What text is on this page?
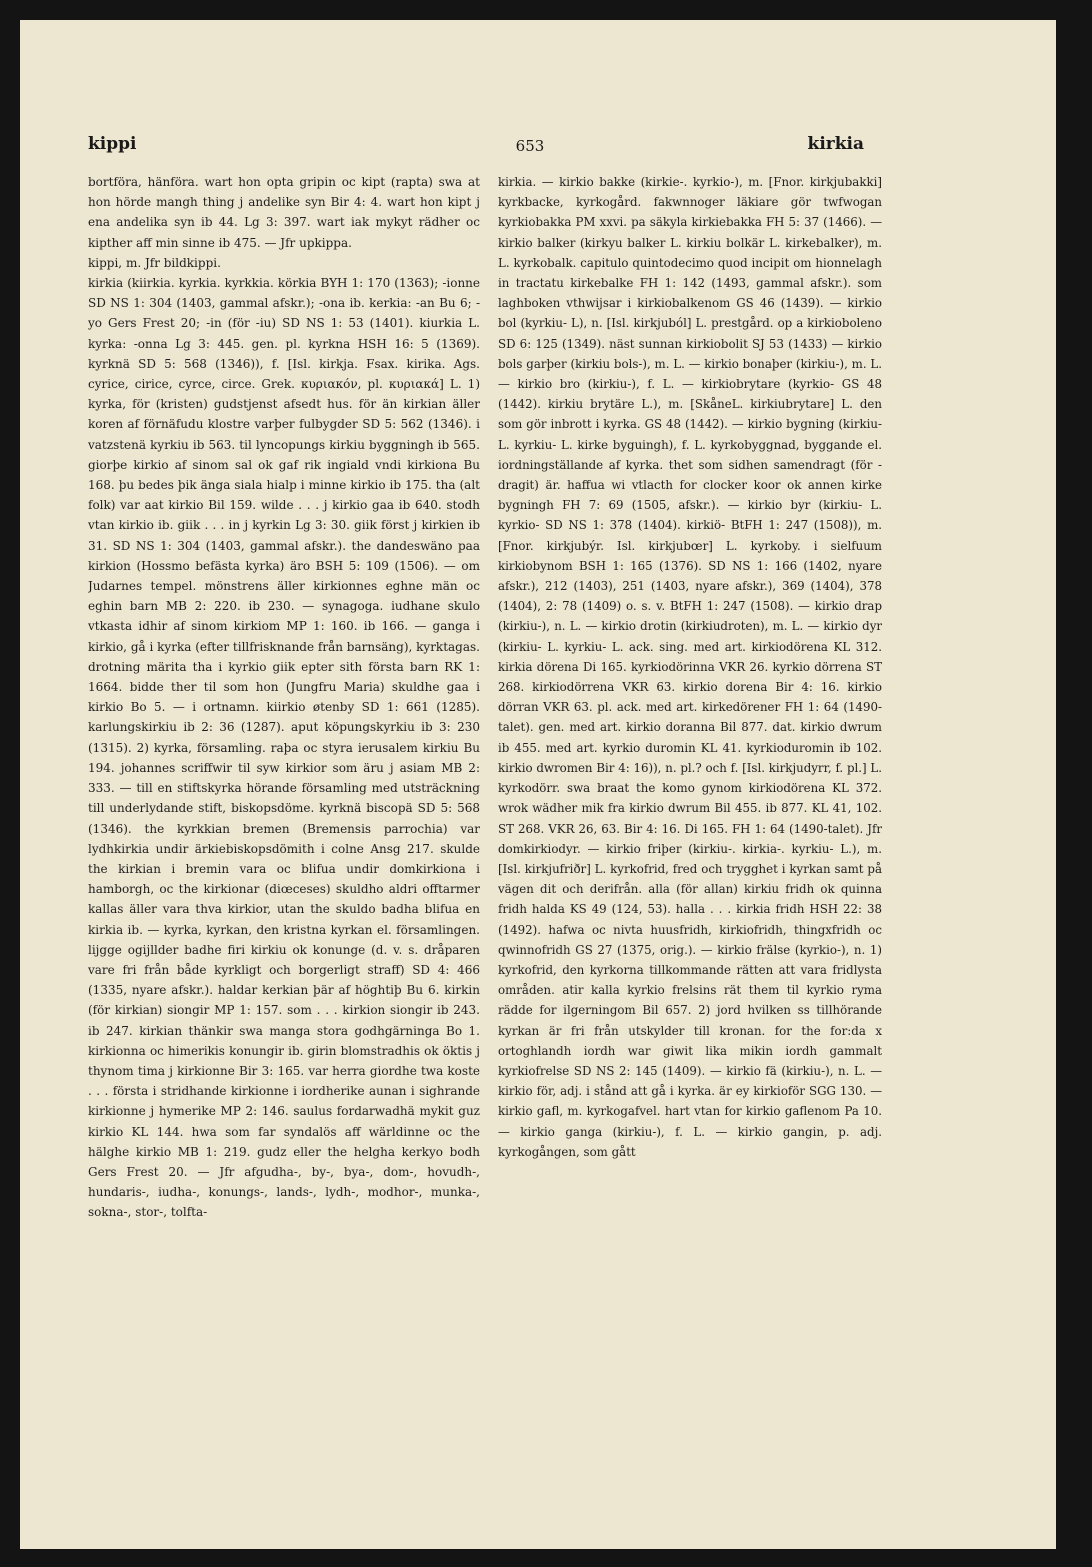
kippi	653	kirkia

bortföra, hänföra. wart hon opta gripin oc kipt (rapta) swa at hon hörde mangh thing j andelike syn Bir 4: 4. wart hon kipt j ena andelika syn ib 44. Lg 3: 397. wart iak mykyt rädher oc kipther aff min sinne ib 475. — Jfr upkippa.

kippi, m. Jfr bildkippi.

kirkia (kiirkia. kyrkia. kyrkkia. körkia BYH 1: 170 (1363); -ionne SD NS 1: 304 (1403, gammal afskr.); -ona ib. kerkia: -an Bu 6; -yo Gers Frest 20; -in (för -iu) SD NS 1: 53 (1401). kiurkia L. kyrka: -onna Lg 3: 445. gen. pl. kyrkna HSH 16: 5 (1369). kyrknä SD 5: 568 (1346)), f. [Isl. kirkja. Fsax. kirika. Ags. cyrice, cirice, cyrce, circe. Grek. κυριακόν, pl. κυριακά] L. 1) kyrka, för (kristen) gudstjenst afsedt hus. för än kirkian äller koren af förnäfudu klostre varþer fulbygder SD 5: 562 (1346). i vatzstenä kyrkiu ib 563. til lyncopungs kirkiu byggningh ib 565. giorþe kirkio af sinom sal ok gaf rik ingiald vndi kirkiona Bu 168. þu bedes þik änga siala hialp i minne kirkio ib 175. tha (alt folk) var aat kirkio Bil 159. wilde . . . j kirkio gaa ib 640. stodh vtan kirkio ib. giik . . . in j kyrkin Lg 3: 30. giik först j kirkien ib 31. SD NS 1: 304 (1403, gammal afskr.). the dandeswäno paa kirkion (Hossmo befästa kyrka) äro BSH 5: 109 (1506). — om Judarnes tempel. mönstrens äller kirkionnes eghne män oc eghin barn MB 2: 220. ib 230. — synagoga. iudhane skulo vtkasta idhir af sinom kirkiom MP 1: 160. ib 166. — ganga i kirkio, gå i kyrka (efter tillfrisknande från barnsäng), kyrktagas. drotning märita tha i kyrkio giik epter sith första barn RK 1: 1664. bidde ther til som hon (Jungfru Maria) skuldhe gaa i kirkio Bo 5. — i ortnamn. kiirkio øtenby SD 1: 661 (1285). karlungskirkiu ib 2: 36 (1287). aput köpungskyrkiu ib 3: 230 (1315). 2) kyrka, församling. raþa oc styra ierusalem kirkiu Bu 194. johannes scriffwir til syw kirkior som äru j asiam MB 2: 333. — till en stiftskyrka hörande församling med utsträckning till underlydande stift, biskopsdöme. kyrknä biscopä SD 5: 568 (1346). the kyrkkian bremen (Bremensis parrochia) var lydhkirkia undir ärkiebiskopsdömith i colne Ansg 217. skulde the kirkian i bremin vara oc blifua undir domkirkiona i hamborgh, oc the kirkionar (diœceses) skuldho aldri offtarmer kallas äller vara thva kirkior, utan the skuldo badha blifua en kirkia ib. — kyrka, kyrkan, den kristna kyrkan el. församlingen. lijgge ogijllder badhe firi kirkiu ok konunge (d. v. s. dråparen vare fri från både kyrkligt och borgerligt straff) SD 4: 466 (1335, nyare afskr.). haldar kerkian þär af höghtiþ Bu 6. kirkin (för kirkian) siongir MP 1: 157. som . . . kirkion siongir ib 243. ib 247. kirkian thänkir swa manga stora godhgärninga Bo 1. kirkionna oc himerikis konungir ib. girin blomstradhis ok öktis j thynom tima j kirkionne Bir 3: 165. var herra giordhe twa koste . . . första i stridhande kirkionne i iordherike aunan i sighrande kirkionne j hymerike MP 2: 146. saulus fordarwadhä mykit guz kirkio KL 144. hwa som far syndalös aff wärldinne oc the hälghe kirkio MB 1: 219. gudz eller the helgha kerkyo bodh Gers Frest 20. — Jfr afgudha-, by-, bya-, dom-, hovudh-, hundaris-, iudha-, konungs-, lands-, lydh-, modhor-, munka-, sokna-, stor-, tolfta-

kirkia. — kirkio bakke (kirkie-. kyrkio-), m. [Fnor. kirkjubakki] kyrkbacke, kyrkogård. fakwnnoger läkiare gör twfwogan kyrkiobakka PM xxvi. pa säkyla kirkiebakka FH 5: 37 (1466). — kirkio balker (kirkyu balker L. kirkiu bolkär L. kirkebalker), m. L. kyrkobalk. capitulo quintodecimo quod incipit om hionnelagh in tractatu kirkebalke FH 1: 142 (1493, gammal afskr.). som laghboken vthwijsar i kirkiobalkenom GS 46 (1439). — kirkio bol (kyrkiu- L), n. [Isl. kirkjuból] L. prestgård. op a kirkiobolenо SD 6: 125 (1349). näst sunnan kirkiobolit SJ 53 (1433) — kirkio bols garþer (kirkiu bols-), m. L. — kirkio bonaþer (kirkiu-), m. L. — kirkio bro (kirkiu-), f. L. — kirkiobrytare (kyrkio- GS 48 (1442). kirkiu brytäre L.), m. [SkåneL. kirkiubrytare] L. den som gör inbrott i kyrka. GS 48 (1442). — kirkio bygning (kirkiu- L. kyrkiu- L. kirke byguingh), f. L. kyrkobyggnad, byggande el. iordningställande af kyrka. thet som sidhen samendragt (för -dragit) är. haffua wi vtlacth for clocker koor ok annen kirke bygningh FH 7: 69 (1505, afskr.). — kirkio byr (kirkiu- L. kyrkio- SD NS 1: 378 (1404). kirkiö- BtFH 1: 247 (1508)), m. [Fnor. kirkjubýr. Isl. kirkjubœr] L. kyrkoby. i sielfuum kirkiobynom BSH 1: 165 (1376). SD NS 1: 166 (1402, nyare afskr.), 212 (1403), 251 (1403, nyare afskr.), 369 (1404), 378 (1404), 2: 78 (1409) o. s. v. BtFH 1: 247 (1508). — kirkio drap (kirkiu-), n. L. — kirkio drotin (kirkiudroten), m. L. — kirkio dyr (kirkiu- L. kyrkiu- L. ack. sing. med art. kirkiodörena KL 312. kirkia dörena Di 165. kyrkiodörinna VKR 26. kyrkio dörrena ST 268. kirkiodörrena VKR 63. kirkio dorena Bir 4: 16. kirkio dörran VKR 63. pl. ack. med art. kirkedörener FH 1: 64 (1490-talet). gen. med art. kirkio doranna Bil 877. dat. kirkio dwrum ib 455. med art. kyrkio duromin KL 41. kyrkioduromin ib 102. kirkio dwromen Bir 4: 16)), n. pl.? och f. [Isl. kirkjudyrr, f. pl.] L. kyrkodörr. swa braat the komo gynom kirkiodörena KL 372. wrok wädher mik fra kirkio dwrum Bil 455. ib 877. KL 41, 102. ST 268. VKR 26, 63. Bir 4: 16. Di 165. FH 1: 64 (1490-talet). Jfr domkirkiodyr. — kirkio friþer (kirkiu-. kirkia-. kyrkiu- L.), m. [Isl. kirkjufriðr] L. kyrkofrid, fred och trygghet i kyrkan samt på vägen dit och derifrån. alla (för allan) kirkiu fridh ok quinna fridh halda KS 49 (124, 53). halla . . . kirkia fridh HSH 22: 38 (1492). hafwa oc nivta huusfridh, kirkiofridh, thingxfridh oc qwinnofridh GS 27 (1375, orig.). — kirkio frälse (kyrkio-), n. 1) kyrkofrid, den kyrkorna tillkommande rätten att vara fridlysta områden. atir kalla kyrkio frelsins rät them til kyrkio ryma rädde for ilgerningom Bil 657. 2) jord hvilken ss tillhörande kyrkan är fri från utskylder till kronan. for the for:da x ortoghlandh iordh war giwit lika mikin iordh gammalt kyrkiofrelse SD NS 2: 145 (1409). — kirkio fä (kirkiu-), n. L. — kirkio för, adj. i stånd att gå i kyrka. är ey kirkioför SGG 130. — kirkio gafl, m. kyrkogafvel. hart vtan for kirkio gaflenom Pa 10. — kirkio ganga (kirkiu-), f. L. — kirkio gangin, p. adj. kyrkogången, som gått
